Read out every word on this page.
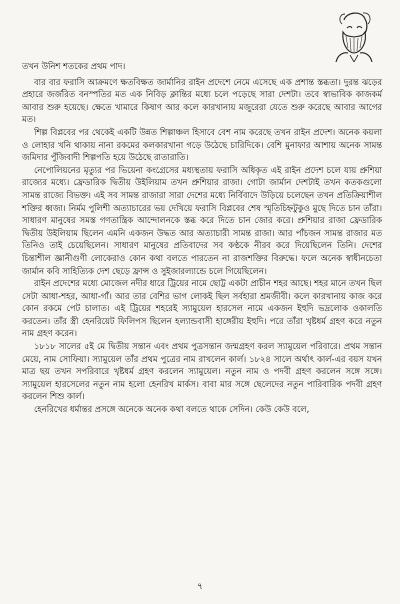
তখন উনিশ শতকের প্রথম পাদ।

বার বার ফরাসি আক্রমণে ক্ষতবিক্ষত জার্মানির রাইন প্রদেশে নেমে এসেছে এক প্রশান্ত স্তব্ধতা। দুরন্ত ঝড়ের প্রহারে জর্জরিত বনস্পতির মত এক নিবিড় ক্লান্তির মধ্যে চলে পড়েছে সারা দেশটা। তবে স্বাভাবিক কাজকর্ম আবার শুরু হয়েছে। ক্ষেতে খামারে কিষাণ আর কলে কারখানায় মজুরেরা যেতে শুরু করেছে আবার আগের মত।

শিল্প বিপ্লবের পর থেকেই একটি উন্নত শিল্পাঞ্চল হিসাবে বেশ নাম করেছে তখন রাইন প্রদেশ। অনেক কয়লা ও লোহার খনি থাকায় নানা রকমের কলকারখানা গড়ে উঠেছে চারিদিকে। বেশি মুনাফার আশায় অনেক সামন্ত জমিদার পুঁজিবাদী শিল্পপতি হয়ে উঠেছে রাতারাতি।

নেপোলিয়নের মৃত্যুর পর ভিয়েনা কংগ্রেসের মধ্যস্থতায় ফরাসি অধিকৃত এই রাইন প্রদেশ চলে যায় প্রুশিয়া রাজ্যের মধ্যে। ফ্রেডারিক দ্বিতীয় উইলিয়াম তখন প্রুশিয়ার রাজা। গোটা জার্মান দেশটাই তখন কতকগুলো সামন্ত রাজ্যে বিভক্ত। এই সব সামন্ত রাজারা সারা দেশের মধ্যে নির্বিবাদে উড়িয়ে চলেছেন তখন প্রতিক্রিয়াশীল শক্তির ধ্বজা। নির্মম পুলিশী অত্যাচারের ভয় দেখিয়ে ফরাসি বিপ্লবের শেষ স্মৃতিচিহ্নটুকুও মুছে দিতে চান তাঁরা। সাধারণ মানুষের সমস্ত গণতান্ত্রিক আন্দোলনকে স্তব্ধ করে দিতে চান জোর করে। প্রুশিয়ার রাজা ফ্রেডারিক দ্বিতীয় উইলিয়াম ছিলেন এমনি একজন উদ্ধত আর অত্যাচারী সামন্ত রাজা। আর পাঁচজন সামন্ত রাজার মত তিনিও তাই চেয়েছিলেন। সাধারণ মানুষের প্রতিবাদের সব কণ্ঠকে নীরব করে দিয়েছিলেন তিনি। দেশের চিন্তাশীল জ্ঞানীগুণী লোকেরাও কোন কথা বলতে পারতেন না রাজশক্তির বিরুদ্ধে। ফলে অনেক স্বাধীনচেতা জার্মান কবি সাহিত্যিক দেশ ছেড়ে ফ্রান্স ও সুইজারল্যান্ডে চলে গিয়েছিলেন।

রাইন প্রদেশের মধ্যে মোজেল নদীর ধারে ট্রিয়ের নামে ছোট্ট একটা প্রাচীন শহর আছে। শহর মানে তখন ছিল সেটা আধা-শহর, আধা-গাঁ। আর তার বেশির ভাগ লোকই ছিল সর্বহারা শ্রমজীবী। কলে কারখানায় কাজ করে কোন রকমে পেট চালাত। এই ট্রিয়ের শহরেই স্যামুয়েল হারসেল নামে একজন ইহুদি ভদ্রলোক ওকালতি করতেন। তাঁর স্ত্রী হেনরিয়েট ফিলিপস ছিলেন হল্যান্ডবাসী হাঙ্গেরীয় ইহুদি। পরে তাঁরা খৃষ্টধর্ম গ্রহণ করে নতুন নাম গ্রহণ করেন।

১৮১৮ সালের ৫ই মে দ্বিতীয় সন্তান এবং প্রথম পুত্রসন্তান জন্মগ্রহণ করল স্যামুয়েল পরিবারে। প্রথম সন্তান মেয়ে, নাম সোফিয়া। স্যামুয়েল তাঁর প্রথম পুত্রের নাম রাখলেন কার্ল। ১৮২৪ সালে অর্থাৎ কার্ল-এর বয়স যখন মাত্র ছয় তখন সপরিবারে খৃষ্টধর্ম গ্রহণ করলেন স্যামুয়েল। নতুন নাম ও পদবী গ্রহণ করলেন সঙ্গে সঙ্গে। স্যামুয়েল হারসেলের নতুন নাম হলো হেনরিখ মার্কস। বাবা মার সঙ্গে ছেলেদের নতুন পারিবারিক পদবী গ্রহণ করলেন শিশু কার্ল।

হেনরিখের ধর্মান্তর প্রসঙ্গে অনেকে অনেক কথা বলতে থাকে সেদিন। কেউ কেউ বলে,

৭
